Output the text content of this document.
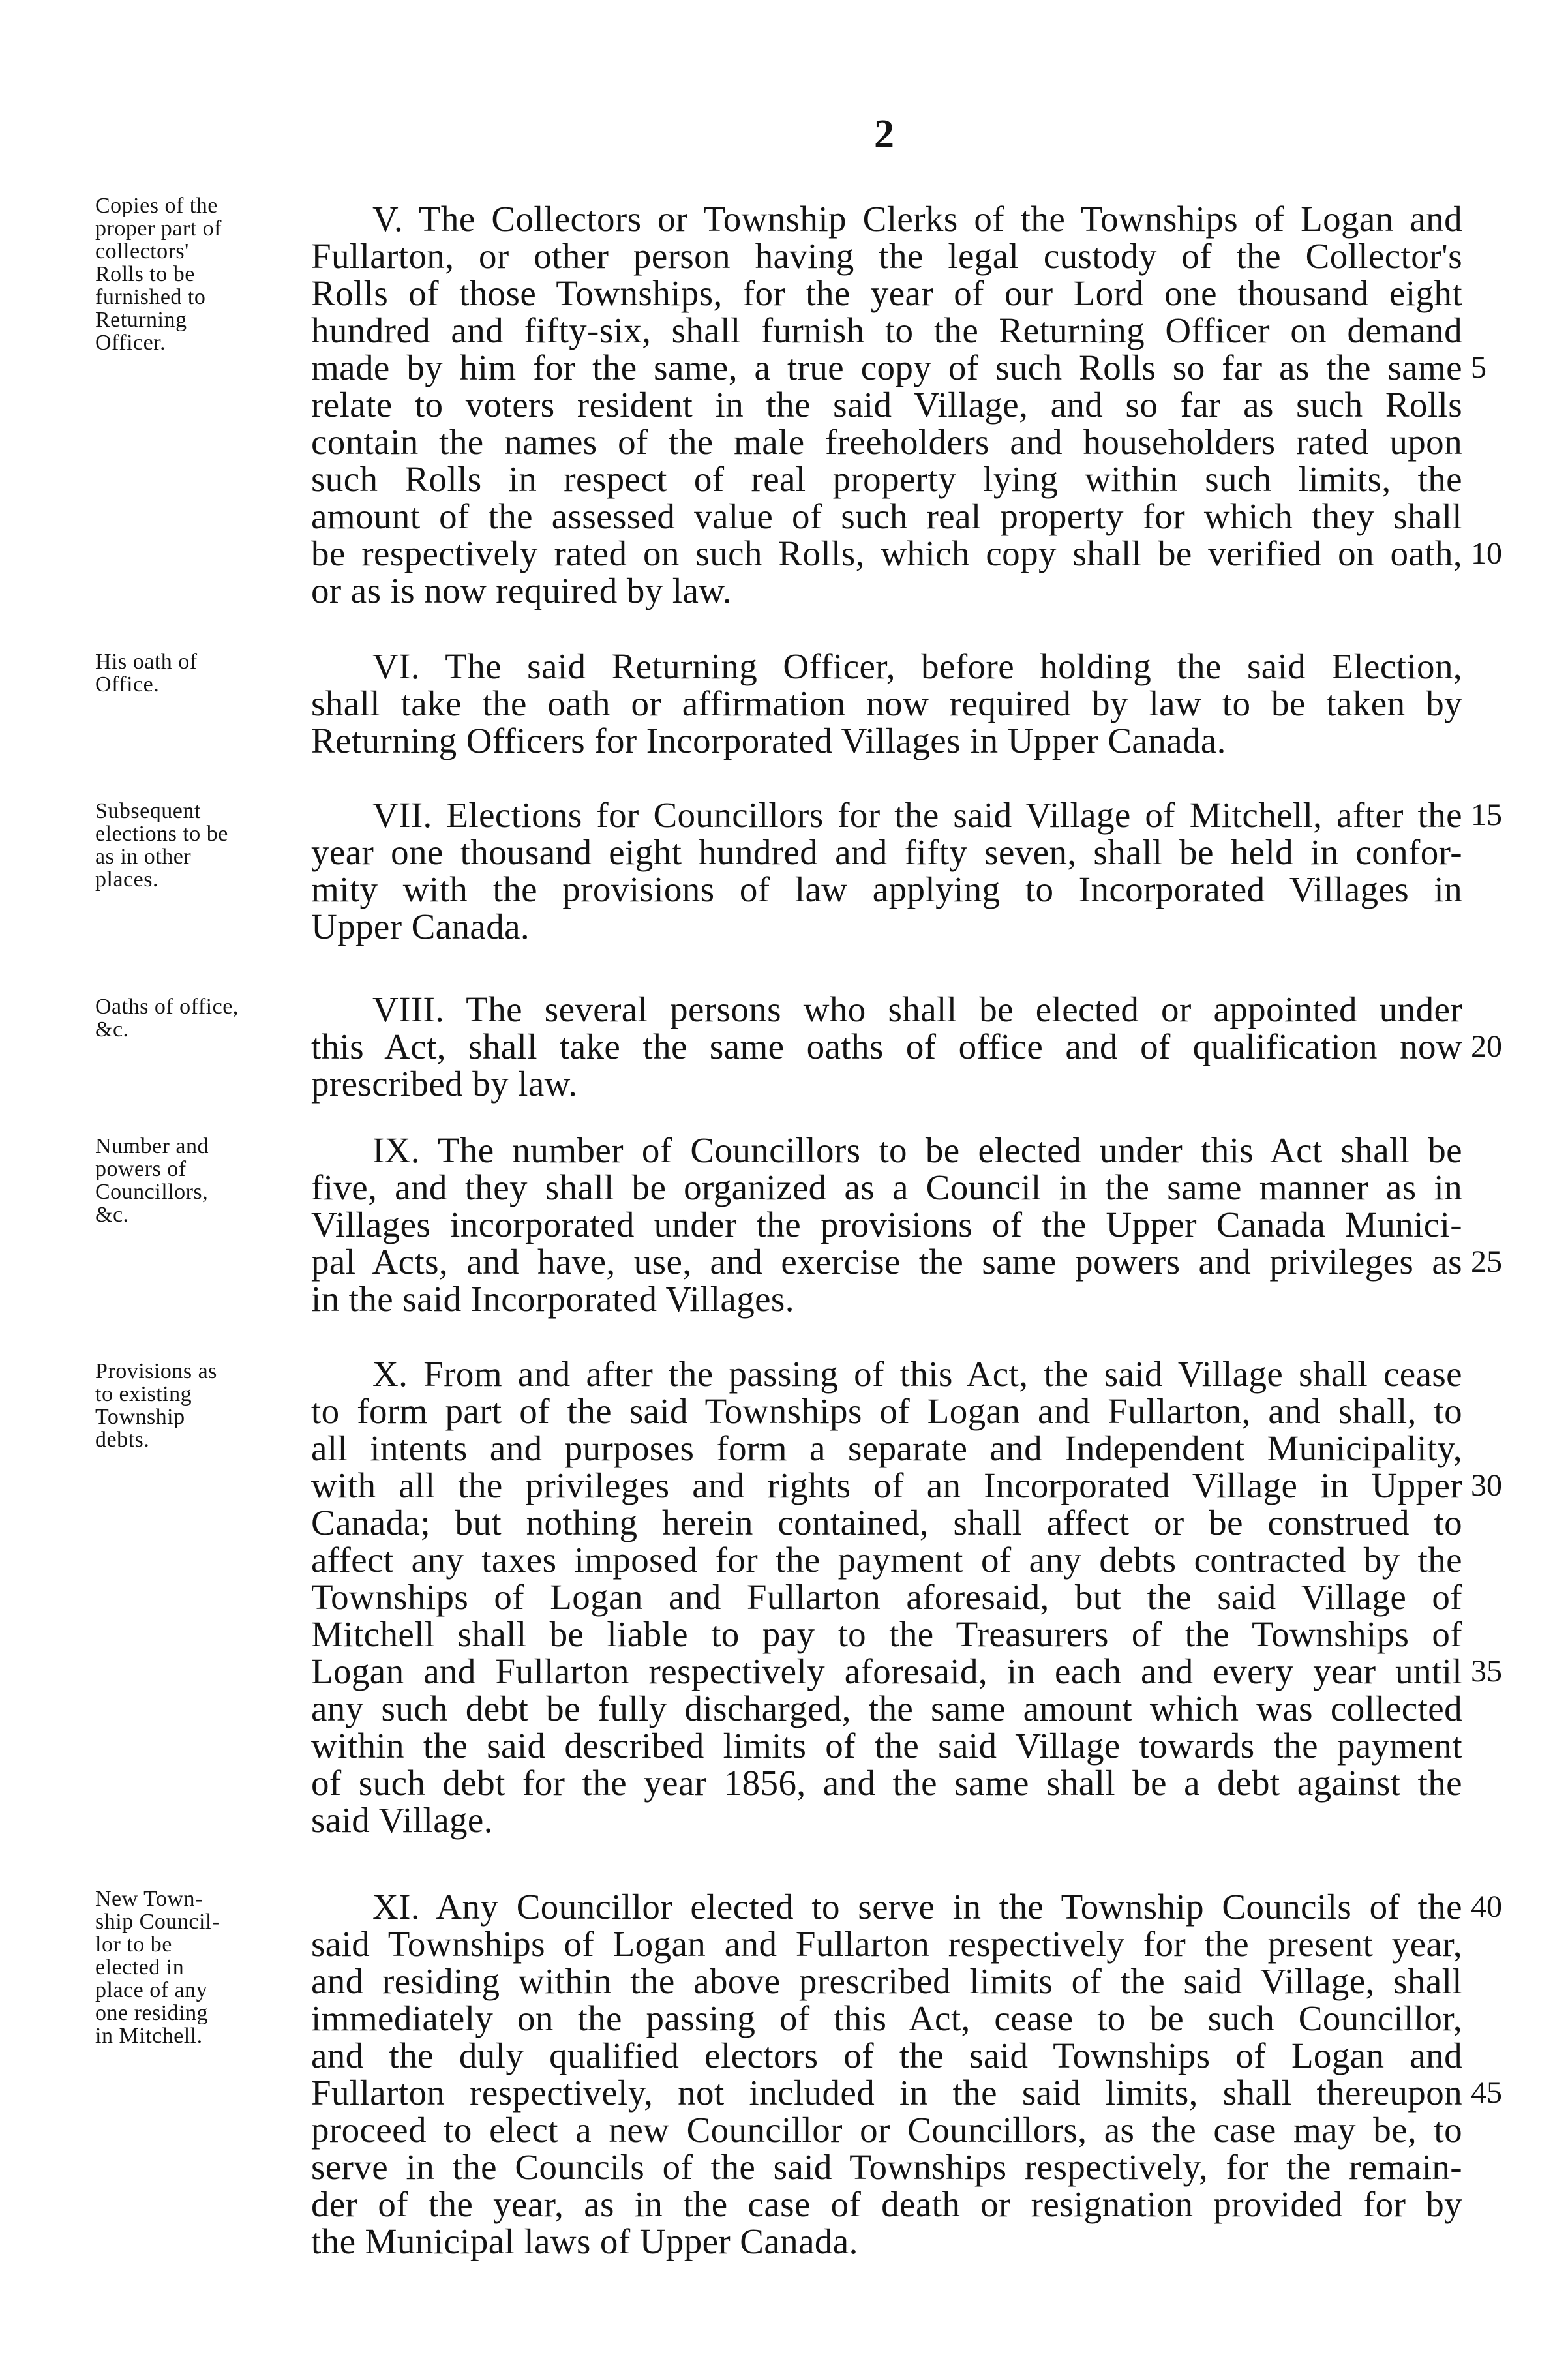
2
Copies of the
proper part of
collectors'
Rolls to be
furnished to
Returning
Officer.
V. The Collectors or Township Clerks of the Townships of Logan and
Fullarton, or other person having the legal custody of the Collector's
Rolls of those Townships, for the year of our Lord one thousand eight
hundred and fifty-six, shall furnish to the Returning Officer on demand
made by him for the same, a true copy of such Rolls so far as the same 5
relate to voters resident in the said Village, and so far as such Rolls
contain the names of the male freeholders and householders rated upon
such Rolls in respect of real property lying within such limits, the
amount of the assessed value of such real property for which they shall
be respectively rated on such Rolls, which copy shall be verified on oath, 10
or as is now required by law.
His oath of
Office.	VI. The said Returning Officer, before holding the said Election,
shall take the oath or affirmation now required by law to be taken by
Returning Officers for Incorporated Villages in Upper Canada.
Subsequent
elections to be
as in other
places.
VII. Elections for Councillors for the said Village of Mitchell, after the 15
year one thousand eight hundred and fifty seven, shall be held in confor-
mity with the provisions of law applying to Incorporated Villages in
Upper Canada.
Oaths of office,
&c.
VIII. The several persons who shall be elected or appointed under
this Act, shall take the same oaths of office and of qualification now 20
prescribed by law.
Number and
powers of
Councillors,
&c.
IX. The number of Councillors to be elected under this Act shall be
five, and they shall be organized as a Council in the same manner as in
Villages incorporated under the provisions of the Upper Canada Munici-
pal Acts, and have, use, and exercise the same powers and privileges as 25
in the said Incorporated Villages.
Provisions as
to existing
Township
debts.
X. From and after the passing of this Act, the said Village shall cease
to form part of the said Townships of Logan and Fullarton, and shall, to
all intents and purposes form a separate and Independent Municipality,
with all the privileges and rights of an Incorporated Village in Upper 30
Canada; but nothing herein contained, shall affect or be construed to
affect any taxes imposed for the payment of any debts contracted by the
Townships of Logan and Fullarton aforesaid, but the said Village of
Mitchell shall be liable to pay to the Treasurers of the Townships of
Logan and Fullarton respectively aforesaid, in each and every year until 35
any such debt be fully discharged, the same amount which was collected
within the said described limits of the said Village towards the payment
of such debt for the year 1856, and the same shall be a debt against the
said Village.
New Town-
ship Council-
lor to be
elected in
place of any
one residing
in Mitchell.
XI. Any Councillor elected to serve in the Township Councils of the 40
said Townships of Logan and Fullarton respectively for the present year,
and residing within the above prescribed limits of the said Village, shall
immediately on the passing of this Act, cease to be such Councillor,
and the duly qualified electors of the said Townships of Logan and
Fullarton respectively, not included in the said limits, shall thereupon 45
proceed to elect a new Councillor or Councillors, as the case may be, to
serve in the Councils of the said Townships respectively, for the remain-
der of the year, as in the case of death or resignation provided for by
the Municipal laws of Upper Canada.
